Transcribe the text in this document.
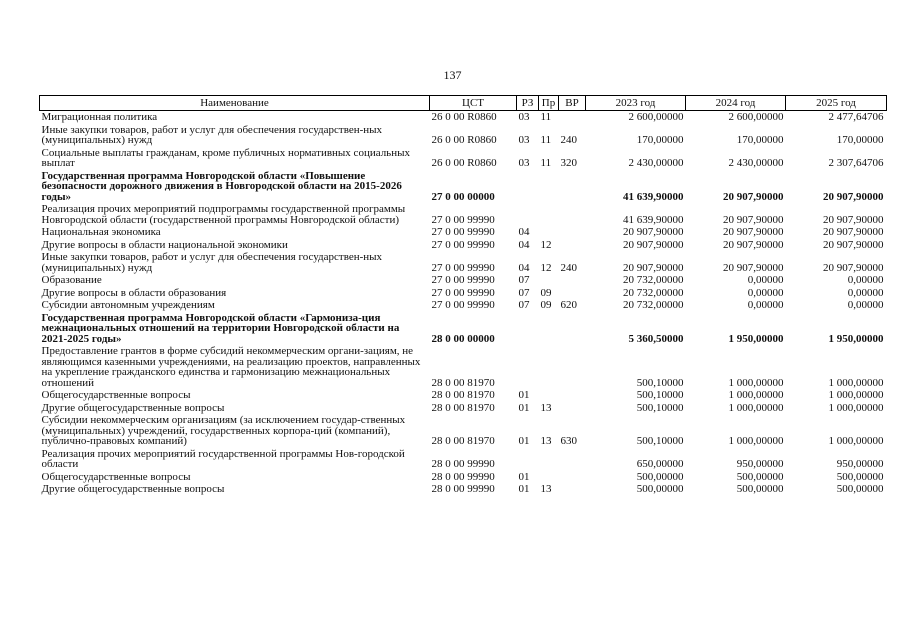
137
Наименование	ЦСТ	РЗ	Пр	ВР	2023 год	2024 год	2025 год
Миграционная политика	26 0 00 R0860	03	11		2 600,00000	2 600,00000	2 477,64706
Иные закупки товаров, работ и услуг для обеспечения государствен-ных (муниципальных) нужд	26 0 00 R0860	03	11	240	170,00000	170,00000	170,00000
Социальные выплаты гражданам, кроме публичных нормативных социальных выплат	26 0 00 R0860	03	11	320	2 430,00000	2 430,00000	2 307,64706
Государственная программа Новгородской области «Повышение безопасности дорожного движения в Новгородской области на 2015-2026 годы»	27 0 00 00000				41 639,90000	20 907,90000	20 907,90000
Реализация прочих мероприятий подпрограммы государственной программы Новгородской области (государственной программы Новгородской области)	27 0 00 99990				41 639,90000	20 907,90000	20 907,90000
Национальная экономика	27 0 00 99990	04			20 907,90000	20 907,90000	20 907,90000
Другие вопросы в области национальной экономики	27 0 00 99990	04	12		20 907,90000	20 907,90000	20 907,90000
Иные закупки товаров, работ и услуг для обеспечения государствен-ных (муниципальных) нужд	27 0 00 99990	04	12	240	20 907,90000	20 907,90000	20 907,90000
Образование	27 0 00 99990	07			20 732,00000	0,00000	0,00000
Другие вопросы в области образования	27 0 00 99990	07	09		20 732,00000	0,00000	0,00000
Субсидии автономным учреждениям	27 0 00 99990	07	09	620	20 732,00000	0,00000	0,00000
Государственная программа Новгородской области «Гармониза-ция межнациональных отношений на территории Новгородской области на 2021-2025 годы»	28 0 00 00000				5 360,50000	1 950,00000	1 950,00000
Предоставление грантов в форме субсидий некоммерческим органи-зациям, не являющимся казенными учреждениями, на реализацию проектов, направленных на укрепление гражданского единства и гармонизацию межнациональных отношений	28 0 00 81970				500,10000	1 000,00000	1 000,00000
Общегосударственные вопросы	28 0 00 81970	01			500,10000	1 000,00000	1 000,00000
Другие общегосударственные вопросы	28 0 00 81970	01	13		500,10000	1 000,00000	1 000,00000
Субсидии некоммерческим организациям (за исключением государ-ственных (муниципальных) учреждений, государственных корпора-ций (компаний), публично-правовых компаний)	28 0 00 81970	01	13	630	500,10000	1 000,00000	1 000,00000
Реализация прочих мероприятий государственной программы Нов-городской области	28 0 00 99990				650,00000	950,00000	950,00000
Общегосударственные вопросы	28 0 00 99990	01			500,00000	500,00000	500,00000
Другие общегосударственные вопросы	28 0 00 99990	01	13		500,00000	500,00000	500,00000
